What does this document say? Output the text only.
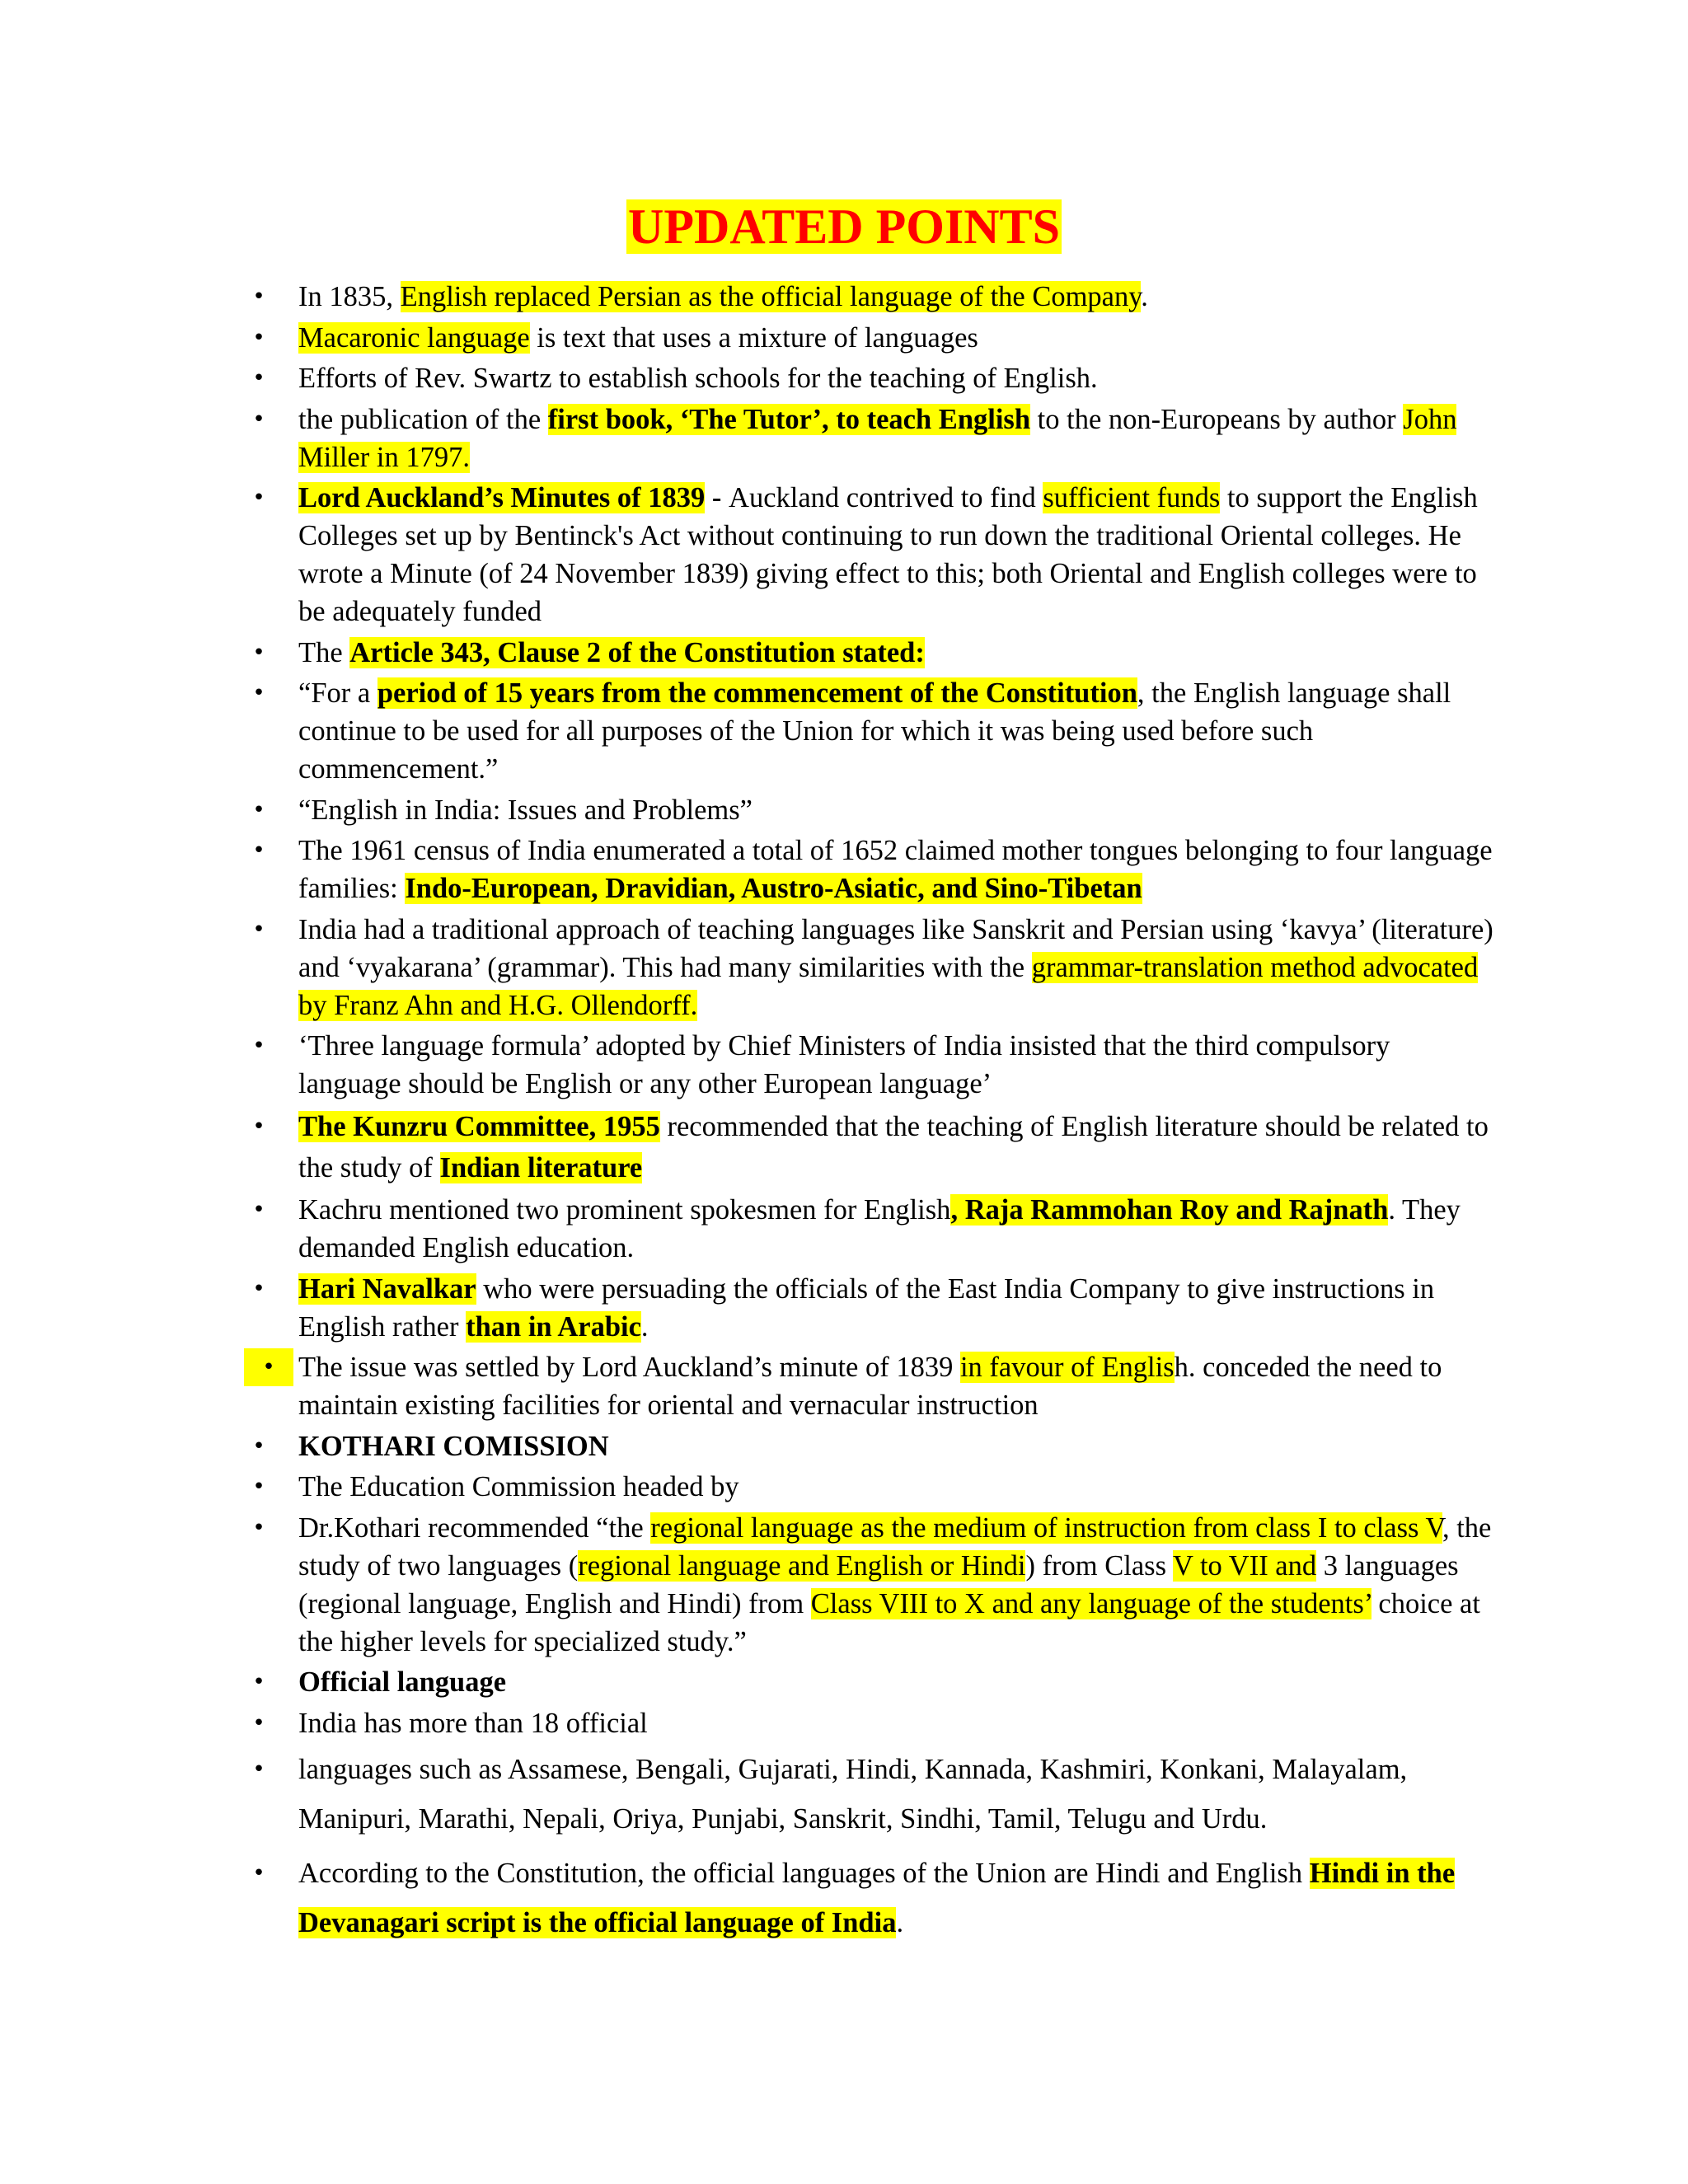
UPDATED POINTS
• In 1835, English replaced Persian as the official language of the Company.
• Macaronic language is text that uses a mixture of languages
• Efforts of Rev. Swartz to establish schools for the teaching of English.
• the publication of the first book, ‘The Tutor’, to teach English to the non-Europeans by author John Miller in 1797.
• Lord Auckland’s Minutes of 1839 - Auckland contrived to find sufficient funds to support the English Colleges set up by Bentinck's Act without continuing to run down the traditional Oriental colleges. He wrote a Minute (of 24 November 1839) giving effect to this; both Oriental and English colleges were to be adequately funded
• The Article 343, Clause 2 of the Constitution stated:
• “For a period of 15 years from the commencement of the Constitution, the English language shall continue to be used for all purposes of the Union for which it was being used before such commencement.”
• “English in India: Issues and Problems”
• The 1961 census of India enumerated a total of 1652 claimed mother tongues belonging to four language families: Indo-European, Dravidian, Austro-Asiatic, and Sino-Tibetan
• India had a traditional approach of teaching languages like Sanskrit and Persian using ‘kavya’ (literature) and ‘vyakarana’ (grammar). This had many similarities with the grammar-translation method advocated by Franz Ahn and H.G. Ollendorff.
• ‘Three language formula’ adopted by Chief Ministers of India insisted that the third compulsory language should be English or any other European language’
• The Kunzru Committee, 1955 recommended that the teaching of English literature should be related to the study of Indian literature
• Kachru mentioned two prominent spokesmen for English, Raja Rammohan Roy and Rajnath. They demanded English education.
• Hari Navalkar who were persuading the officials of the East India Company to give instructions in English rather than in Arabic.
• The issue was settled by Lord Auckland’s minute of 1839 in favour of English. conceded the need to maintain existing facilities for oriental and vernacular instruction
• KOTHARI COMISSION
• The Education Commission headed by
• Dr.Kothari recommended “the regional language as the medium of instruction from class I to class V, the study of two languages (regional language and English or Hindi) from Class V to VII and 3 languages (regional language, English and Hindi) from Class VIII to X and any language of the students’ choice at the higher levels for specialized study.”
• Official language
• India has more than 18 official
• languages such as Assamese, Bengali, Gujarati, Hindi, Kannada, Kashmiri, Konkani, Malayalam, Manipuri, Marathi, Nepali, Oriya, Punjabi, Sanskrit, Sindhi, Tamil, Telugu and Urdu.
• According to the Constitution, the official languages of the Union are Hindi and English Hindi in the Devanagari script is the official language of India.
